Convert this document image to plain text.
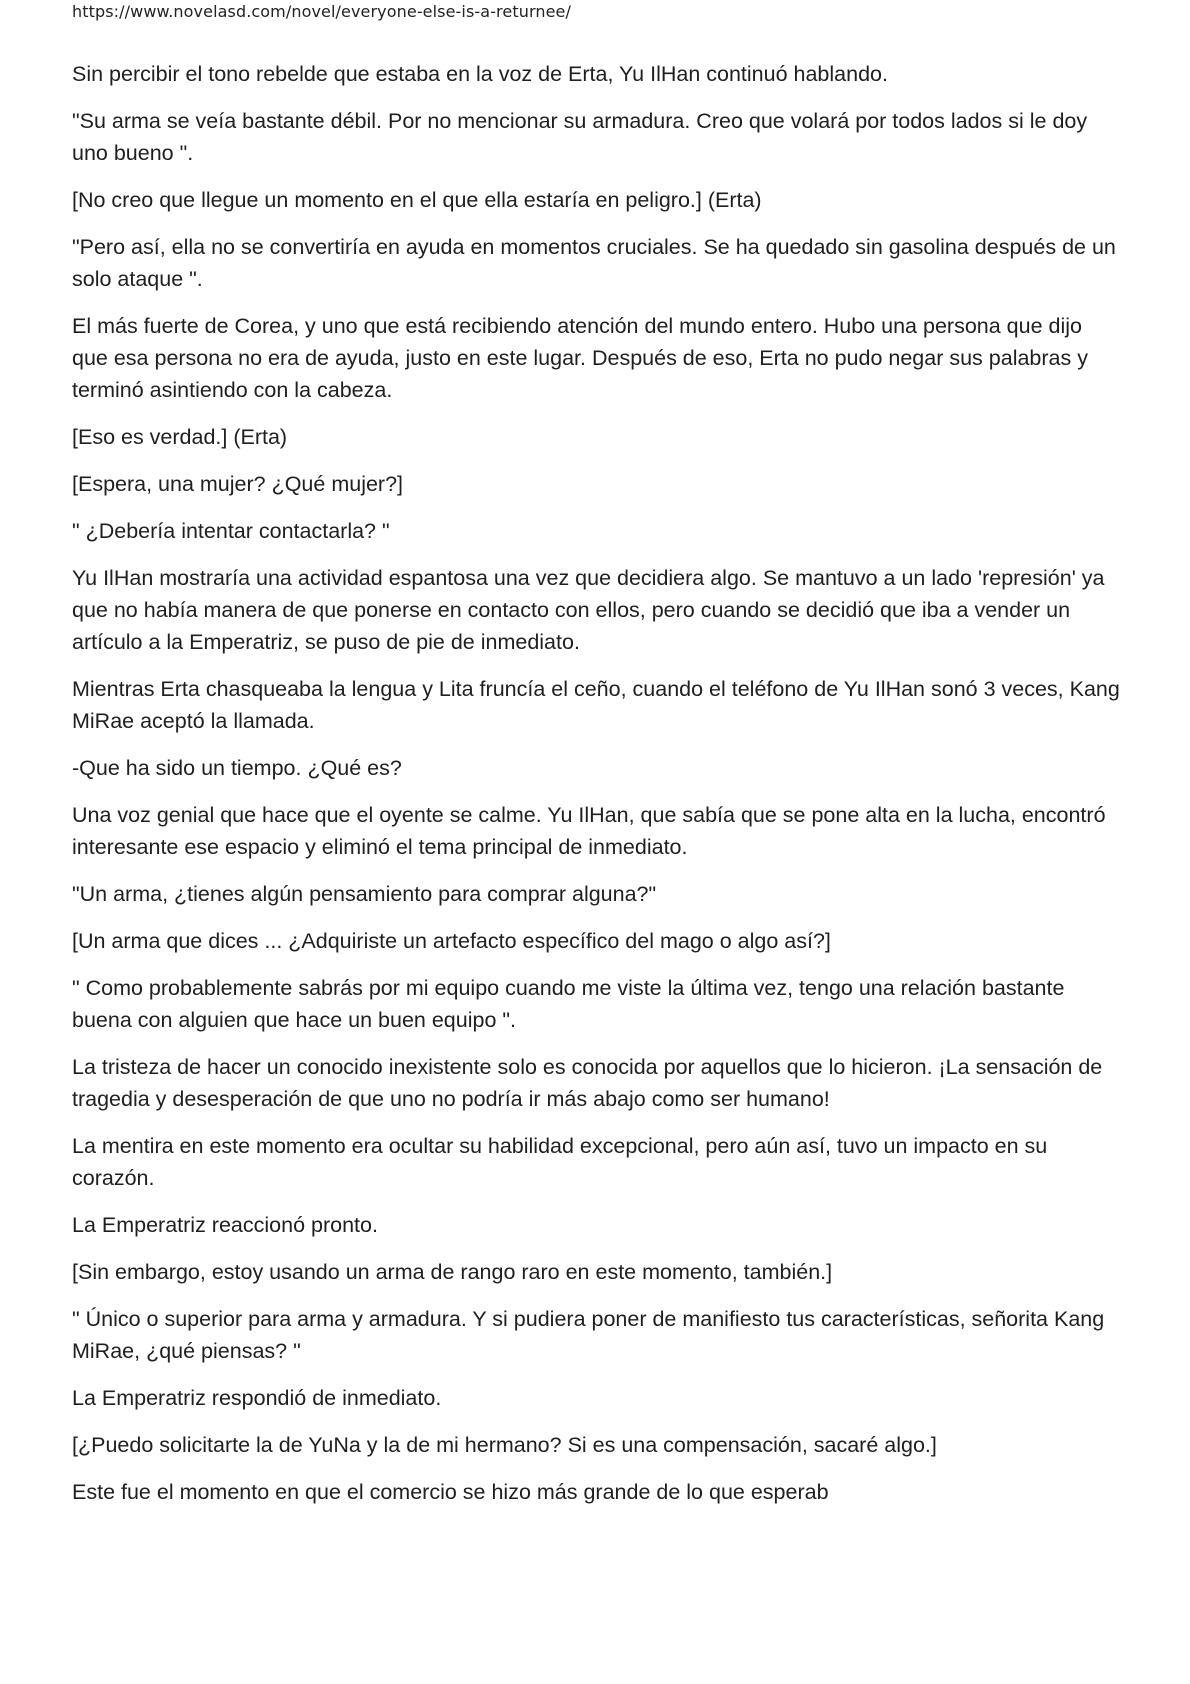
https://www.novelasd.com/novel/everyone-else-is-a-returnee/

Sin percibir el tono rebelde que estaba en la voz de Erta, Yu IlHan continuó hablando.

"Su arma se veía bastante débil. Por no mencionar su armadura. Creo que volará por todos lados si le doy uno bueno ".

[No creo que llegue un momento en el que ella estaría en peligro.] (Erta)

"Pero así, ella no se convertiría en ayuda en momentos cruciales. Se ha quedado sin gasolina después de un solo ataque ".

El más fuerte de Corea, y uno que está recibiendo atención del mundo entero. Hubo una persona que dijo que esa persona no era de ayuda, justo en este lugar. Después de eso, Erta no pudo negar sus palabras y terminó asintiendo con la cabeza.

[Eso es verdad.] (Erta)

[Espera, una mujer? ¿Qué mujer?]

" ¿Debería intentar contactarla? "

Yu IlHan mostraría una actividad espantosa una vez que decidiera algo. Se mantuvo a un lado 'represión' ya que no había manera de que ponerse en contacto con ellos, pero cuando se decidió que iba a vender un artículo a la Emperatriz, se puso de pie de inmediato.

Mientras Erta chasqueaba la lengua y Lita fruncía el ceño, cuando el teléfono de Yu IlHan sonó 3 veces, Kang MiRae aceptó la llamada.

-Que ha sido un tiempo. ¿Qué es?

Una voz genial que hace que el oyente se calme. Yu IlHan, que sabía que se pone alta en la lucha, encontró interesante ese espacio y eliminó el tema principal de inmediato.

"Un arma, ¿tienes algún pensamiento para comprar alguna?"

[Un arma que dices ... ¿Adquiriste un artefacto específico del mago o algo así?]

" Como probablemente sabrás por mi equipo cuando me viste la última vez, tengo una relación bastante buena con alguien que hace un buen equipo ".

La tristeza de hacer un conocido inexistente solo es conocida por aquellos que lo hicieron. ¡La sensación de tragedia y desesperación de que uno no podría ir más abajo como ser humano!

La mentira en este momento era ocultar su habilidad excepcional, pero aún así, tuvo un impacto en su corazón.

La Emperatriz reaccionó pronto.

[Sin embargo, estoy usando un arma de rango raro en este momento, también.]

" Único o superior para arma y armadura. Y si pudiera poner de manifiesto tus características, señorita Kang MiRae, ¿qué piensas? "

La Emperatriz respondió de inmediato.

[¿Puedo solicitarte la de YuNa y la de mi hermano? Si es una compensación, sacaré algo.]

Este fue el momento en que el comercio se hizo más grande de lo que esperab
